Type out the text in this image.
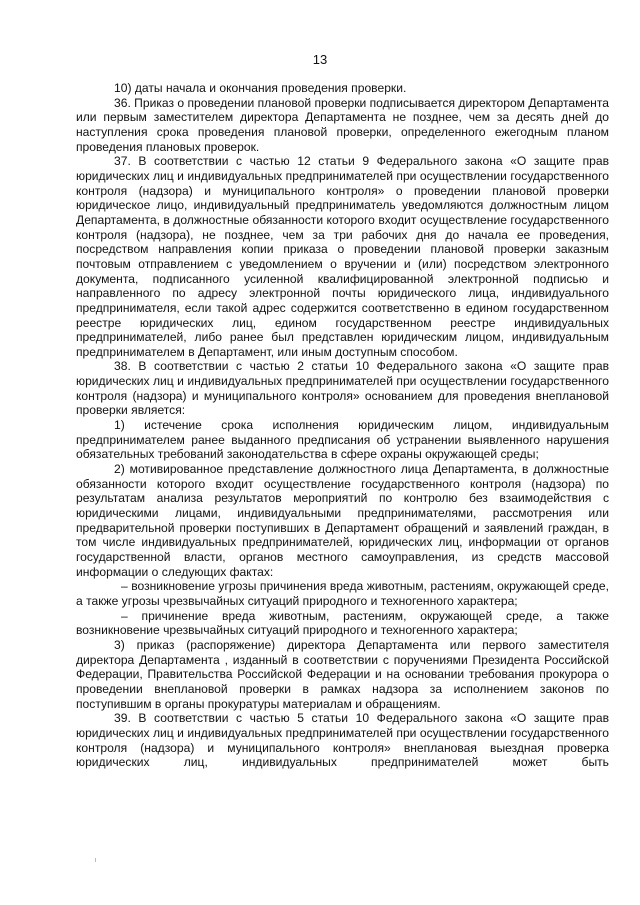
13

10) даты начала и окончания проведения проверки.

36. Приказ о проведении плановой проверки подписывается директором Департамента или первым заместителем директора Департамента не позднее, чем за десять дней до наступления срока проведения плановой проверки, определенного ежегодным планом проведения плановых проверок.

37. В соответствии с частью 12 статьи 9 Федерального закона «О защите прав юридических лиц и индивидуальных предпринимателей при осуществлении государственного контроля (надзора) и муниципального контроля» о проведении плановой проверки юридическое лицо, индивидуальный предприниматель уведомляются должностным лицом Департамента, в должностные обязанности которого входит осуществление государственного контроля (надзора), не позднее, чем за три рабочих дня до начала ее проведения, посредством направления копии приказа о проведении плановой проверки заказным почтовым отправлением с уведомлением о вручении и (или) посредством электронного документа, подписанного усиленной квалифицированной электронной подписью и направленного по адресу электронной почты юридического лица, индивидуального предпринимателя, если такой адрес содержится соответственно в едином государственном реестре юридических лиц, едином государственном реестре индивидуальных предпринимателей, либо ранее был представлен юридическим лицом, индивидуальным предпринимателем в Департамент, или иным доступным способом.

38. В соответствии с частью 2 статьи 10 Федерального закона «О защите прав юридических лиц и индивидуальных предпринимателей при осуществлении государственного контроля (надзора) и муниципального контроля» основанием для проведения внеплановой проверки является:

1) истечение срока исполнения юридическим лицом, индивидуальным предпринимателем ранее выданного предписания об устранении выявленного нарушения обязательных требований законодательства в сфере охраны окружающей среды;

2) мотивированное представление должностного лица Департамента, в должностные обязанности которого входит осуществление государственного контроля (надзора) по результатам анализа результатов мероприятий по контролю без взаимодействия с юридическими лицами, индивидуальными предпринимателями, рассмотрения или предварительной проверки поступивших в Департамент обращений и заявлений граждан, в том числе индивидуальных предпринимателей, юридических лиц, информации от органов государственной власти, органов местного самоуправления, из средств массовой информации о следующих фактах:

– возникновение угрозы причинения вреда животным, растениям, окружающей среде, а также угрозы чрезвычайных ситуаций природного и техногенного характера;

– причинение вреда животным, растениям, окружающей среде, а также возникновение чрезвычайных ситуаций природного и техногенного характера;

3) приказ (распоряжение) директора Департамента или первого заместителя директора Департамента , изданный в соответствии с поручениями Президента Российской Федерации, Правительства Российской Федерации и на основании требования прокурора о проведении внеплановой проверки в рамках надзора за исполнением законов по поступившим в органы прокуратуры материалам и обращениям.

39. В соответствии с частью 5 статьи 10 Федерального закона «О защите прав юридических лиц и индивидуальных предпринимателей при осуществлении государственного контроля (надзора) и муниципального контроля» внеплановая выездная проверка юридических лиц, индивидуальных предпринимателей может быть
